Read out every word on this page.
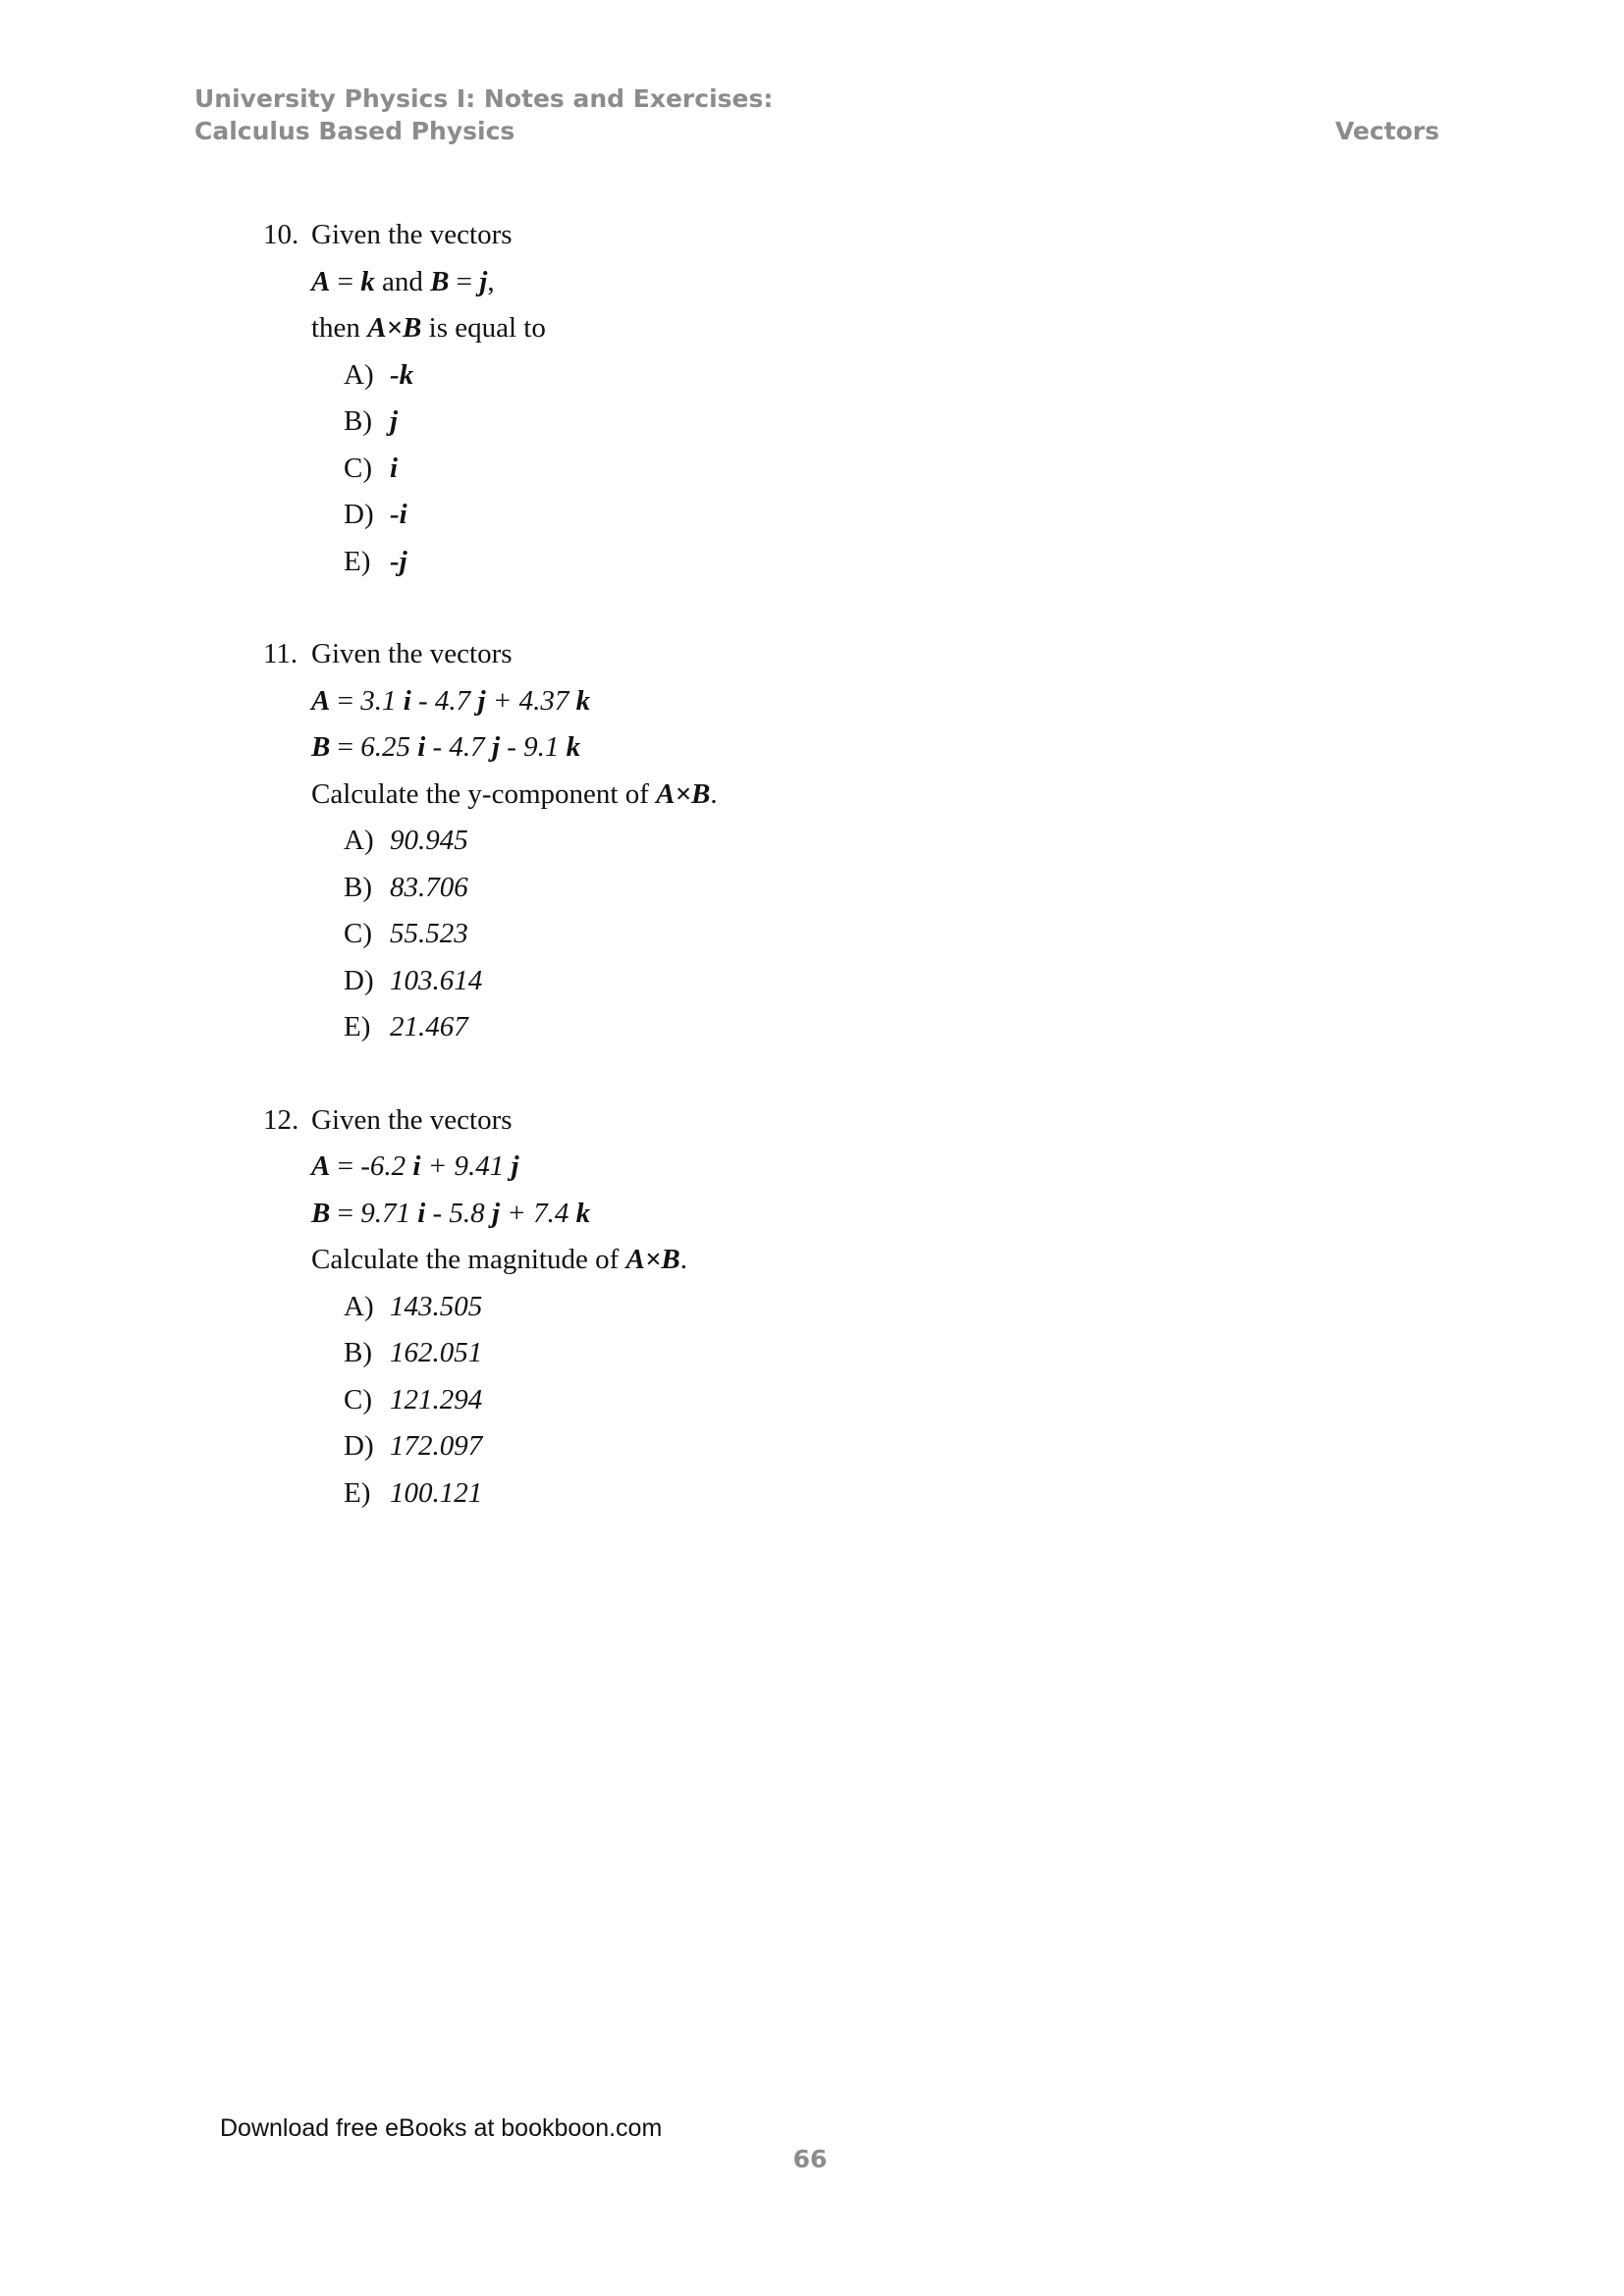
University Physics I: Notes and Exercises:
Calculus Based Physics	Vectors
10. Given the vectors
A = k and B = j,
then A×B is equal to
A) -k
B) j
C) i
D) -i
E) -j
11. Given the vectors
A = 3.1 i - 4.7 j + 4.37 k
B = 6.25 i - 4.7 j - 9.1 k
Calculate the y-component of A×B.
A) 90.945
B) 83.706
C) 55.523
D) 103.614
E) 21.467
12. Given the vectors
A = -6.2 i + 9.41 j
B = 9.71 i - 5.8 j + 7.4 k
Calculate the magnitude of A×B.
A) 143.505
B) 162.051
C) 121.294
D) 172.097
E) 100.121
Download free eBooks at bookboon.com
66
